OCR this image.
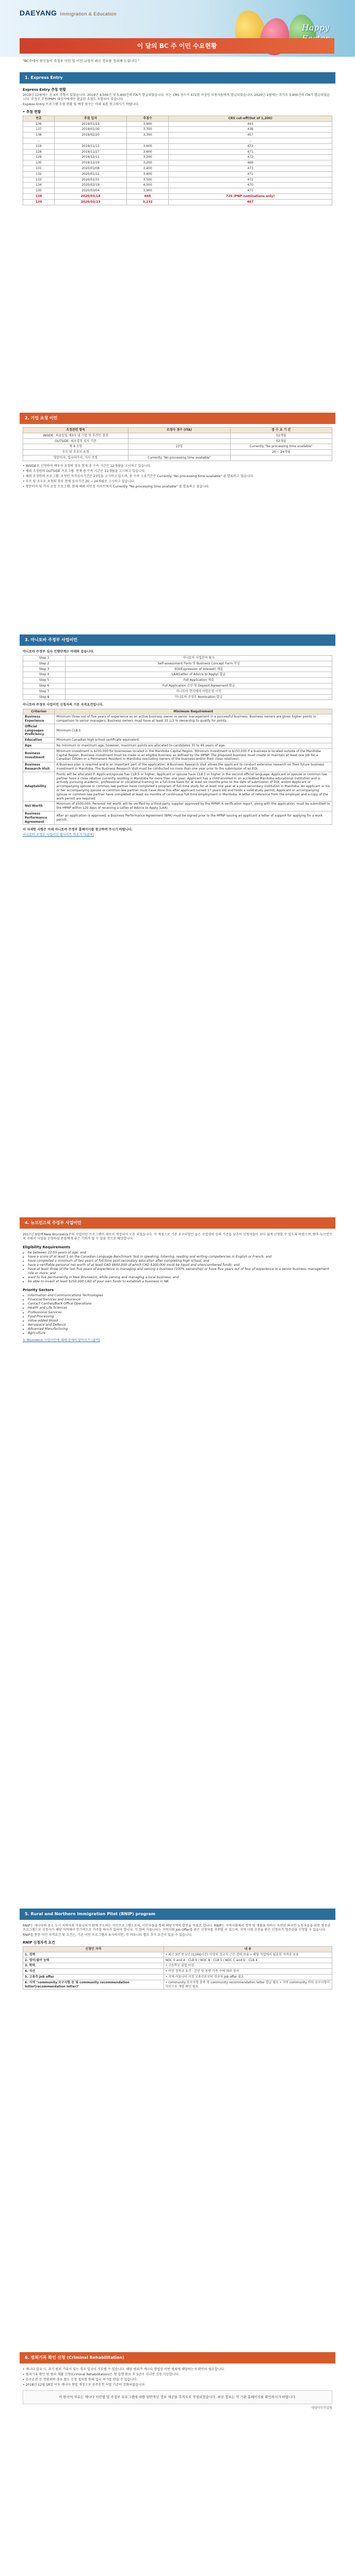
DAEYANG Immigration & Education
Happy
이 달의 BC 주 이민 수요현황
"BC주에서 한인들이 주정부 이민 및 이민 규정의 최신 정보를 정리해 드립니다."
1. Express Entry
Express Entry 추첨 현황

2019년 12월에는 총 4차 추첨이 있었습니다. 2019년 4,500건 및 3,400건의 ITA가 발급되었습니다. 이는 CRS 점수가 472점 이상인 지원자들에게 발급되었습니다. 2020년 1월에는 추가로 3,400건의 ITA가 발급되었습니다. 주정부 추천(PNP) 대상자에게만 발급된 추첨도 포함되어 있습니다.

Express Entry 프로그램 추첨 현황 및 예상 점수는 아래 표를 참고하시기 바랍니다.

• 추첨 현황
번호	추첨 일자	추첨수	CRS cut-off(Out of 1,200)
136	2019/01/23	3,900	443
137	2019/01/30	3,350	438
138	2019/02/20	3,350	457
...			...
119	2019/11/13	3,600	472
128	2019/11/27	3,600	471
129	2019/12/11	3,200	472
130	2019/12/19	3,200	469
131	2020/01/08	3,400	473
132	2020/01/22	3,400	471
133	2020/01/31	3,500	472
134	2020/02/19	4,500	470
135	2020/03/04	3,900	471
138	2020/03/18	668	720 (PNP nominations only)
139	2020/03/23	3,232	467
2. 기업 초청 이민
조정관련 항목	조정자 점수 (ITA)	점 수 요 기 간
INSIDE: 최초등업 제3사 내 기업 및 후견인 결정		52개월
OUTSIDE: 최초결정 심사 기준		52개월
제 4 조항	23일	Currently "No processing time available"
부모 및 조부모 초청		20 ~ 24개월
방문비자, 입국허가서, 가사 조정	Currently "No processing time available"	

• INSIDE로 신청하여 배우자 초청의 경우 현재 총 수속 시간은 12개월을 고시하고 있습니다.

• 해외 조정원의 OUTSIDE 프로그램: 현재 총 수속 시간은 12개월을 고시하고 있습니다.

• 해외 조정원의 프로그램: 초청인 자격심사기간은 23일을 고시하고 있으며, 총 수속 소요기간은 Currently "No processing time available" 을 발표하고 있습니다.

• 부모 및 조부모 초청의 경우 현재 심사기간 20 ~ 24개월로 고시하고 있습니다.

• 방문비자 및 가사 조정 프로그램: 현재 해외 이민성 사이트에서 Currently "No processing time available" 를 발표하고 있습니다.

3. 마니토바 주정부 사업이민

마니토바 주정부 심사 진행단계는 아래와 같습니다.

Step 1	마니토바 사업분야 탐사
Step 2	Self-assessment Form 및 Business Concept Form 작성
Step 3	EOI(Expression of Interest) 제출
Step 4	LAA(Letter of Advice to Apply) 발급
Step 5	Full Application 제출
Step 6	Full Application 승인 및 Deposit Agreement 발급
Step 7	마니토바 현지에서 사업운영 시작
Step 8	마니토바 주정부 Nomination 발급

마니토바 주정부 사업이민 신청자의 기본 자격요건입니다.

Criterion	Minimum Requirement
Business Experience	Minimum three out of five years of experience as an active business owner or senior management in a successful business. Business owners are given higher points in comparison to senior managers. Business owners must have at least 33 1/3 % ownership to qualify for points.
Official Languages Proficiency	Minimum CLB 5
Education	Minimum Canadian high school certificate equivalent.
Age	No minimum or maximum age, however, maximum points are allocated to candidates 35 to 49 years of age.
Business Investment	Minimum investment is $250,000 for businesses located in the Manitoba Capital Region. Minimum investment is $150,000 if a business is located outside of the Manitoba Capital Region. Business investment must be made in an eligible business as defined by the MPNP. The proposed business must create or maintain at least one job for a Canadian Citizen or a Permanent Resident in Manitoba (excluding owners of the business and/or their close relatives).
Business Research Visit	A Business plan is required and is an important part of the application. A Business Research Visit allows the applicant to conduct extensive research on their future business investment in Manitoba. The Business Research Visit must be conducted no more than one year prior to the submission of an EOI.
Adaptability	Points will be allocated if: Applicant/spouse has CLB 5 or higher; Applicant or spouse have CLB 5 or higher in the second official language; Applicant or spouse or common-law partner have a close relative currently residing in Manitoba for more than one year; Applicant has a child enrolled in an accredited Manitoba educational institution and is actively pursuing academic, professional or vocational training on a full-time basis for at least six months prior to the date of submission of EOI; and/or Applicant or accompanying spouse or common-law partner have completed a program of full-time study for at least one year at a post-secondary institution in Manitoba. An applicant or his or her accompanying spouse or common-law partner must have done this after applicant turned 17 years old and holds a valid study permit; Applicant or accompanying spouse or common-law partner have completed at least six months of continuous full-time employment in Manitoba. A letter of reference from the employer and a copy of the work permit are required.
Net Worth	Minimum of $500,000. Personal net worth will be verified by a third-party supplier approved by the MPNP. A verification report, along with the application, must be submitted to the MPNP within 120 days of receiving a Letter of Advice to Apply (LAA).
Business Performance Agreement	After an application is approved, a Business Performance Agreement (BPA) must be signed prior to the MPNP issuing an applicant a letter of support for applying for a work permit.

더 자세한 사항은 아래 마니토바 주정부 홈페이지를 참고하여 주시기 바랍니다.

마니토바 주정부 사업이민 웹사이트 바로가기(클릭)
4. 뉴브런즈윅 주정부 사업이민

2017년 9월에 New Brunswick주의 사업이민 프로그램이 새로이 개정되어 오픈 되었습니다. 이 개정으로 기존 요구되었던 높은 사업경력 등의 기준을 낮추어 신청자들이 보다 쉽게 신청할 수 있도록 하였으며, 향후 뉴브런즈윅 주에서 사업을 운영하실 분들에게 좋은 기회가 될 수 있을 것으로 예상합니다.

Eligibility Requirements
• be between 22-55 years of age; and
• have a score of at least 5 on the Canadian Language Benchmark Test in speaking, listening, reading and writing competencies in English or French; and
• have completed a minimum of two years of full-time post-secondary education after completing high school; and
• have a verifiable personal net worth of at least CAD $600,000 of which CAD $300,000 must be liquid and unencumbered funds; and
• have at least three of the last five years of experience in managing and owning a business (100% ownership) or have five years out of four of experience in a senior business management role or more; and
• want to live permanently in New Brunswick, while owning and managing a local business; and
• be able to invest at least $250,000 CAD of your own funds to establish a business in NB.
Priority Sectors
• Information and Communications Technologies
• Financial Services and Insurance
• Contact Centres/Back Office Operations
• Health and Life Sciences
• Professional Services
• Food Processing
• Value-added Wood
• Aerospace and Defence
• Advanced Manufacturing
• Agriculture
뉴 Brunswick 사업이민에 대해 상세히 알아보기 (클릭)
5. Rural and Northern Immigration Pilot (RNIP) program

RNIP는 캐나다의 중소 도시 지역사회 커뮤니티가 함께 주도하는 이민프로그램으로써, 이민자들을 통해 해당지역의 발전을 목표로 합니다. RNIP는 지역사회에서 정착 및 생활을 원하는 숙련된 외국인 노동자들을 위한 영주권 프로그램으로 신청자가 해당 지역에서 장기적으로 거주할 의사가 있어야 합니다. 각 참여 커뮤니티는 지역사회 Job Offer를 받은 신청자를 추천할 수 있으며, 지역 사회 추천을 받은 신청자가 영주권을 신청할 수 있습니다.

RNIP를 통한 이민 자격요건 및 조건은, 기존 이민 프로그램과 유사하지만, 각 커뮤니티 별로 추가 요건이 있을 수 있습니다.

RNIP 신청자격 요건
신청인 자격	내 용
1. 경력	• 최근 3년 중 1년 (1,560시간) 이상의 정규직 근무 경력 보유 • 해당 직업에서 필요한 자격증 보유
2. 영어/불어 능력	NOC 0 and A : CLB 6 / NOC B : CLB 5 / NOC C and D : CLB 4
3. 학력	• 고등학교 졸업 이상
4. 자산	• 이민 정착금 요건 : 본인 및 동반 가족 수에 따라 상이
5. 고용주 Job offer	• 지역 커뮤니티 지정 고용주로부터 정규직 Job offer 필요
6. 지역 "community 요구사항 등 및 community recommendation letter(recommendation letter)"	• community 요구사항 충족 및 community recommendation letter 발급 필요 • 지역 community 마다 요구사항이 다르므로 개별 확인 필요
6. 범죄기록 확인 신청 (Criminal Rehabilitation)

• 캐나다 입국 시, 과거 범죄 기록이 있는 경우 입국이 거부될 수 있습니다. 해당 범죄가 캐나다 형법상 어떤 범죄에 해당하는지 확인이 필요합니다.

• 범죄기록 확인 및 범죄 재활 신청(Criminal Rehabilitation)은 형 집행 완료 후 5년이 지나면 신청 가능합니다.

• 음주운전 등 경범죄의 경우 별도 신청 절차를 통해 입국 허가를 받을 수 있습니다.

• 2018년 12월 18일 이후 캐나다 형법 개정으로 음주운전 처벌 기준이 강화되었습니다.

이 한국어 자료는 캐나다 이민법 및 주정부 프로그램에 대한 일반적인 정보 제공을 목적으로 작성되었습니다. 최신 정보는 각 기관 홈페이지를 확인하시기 바랍니다.
대양이민컨설팅
